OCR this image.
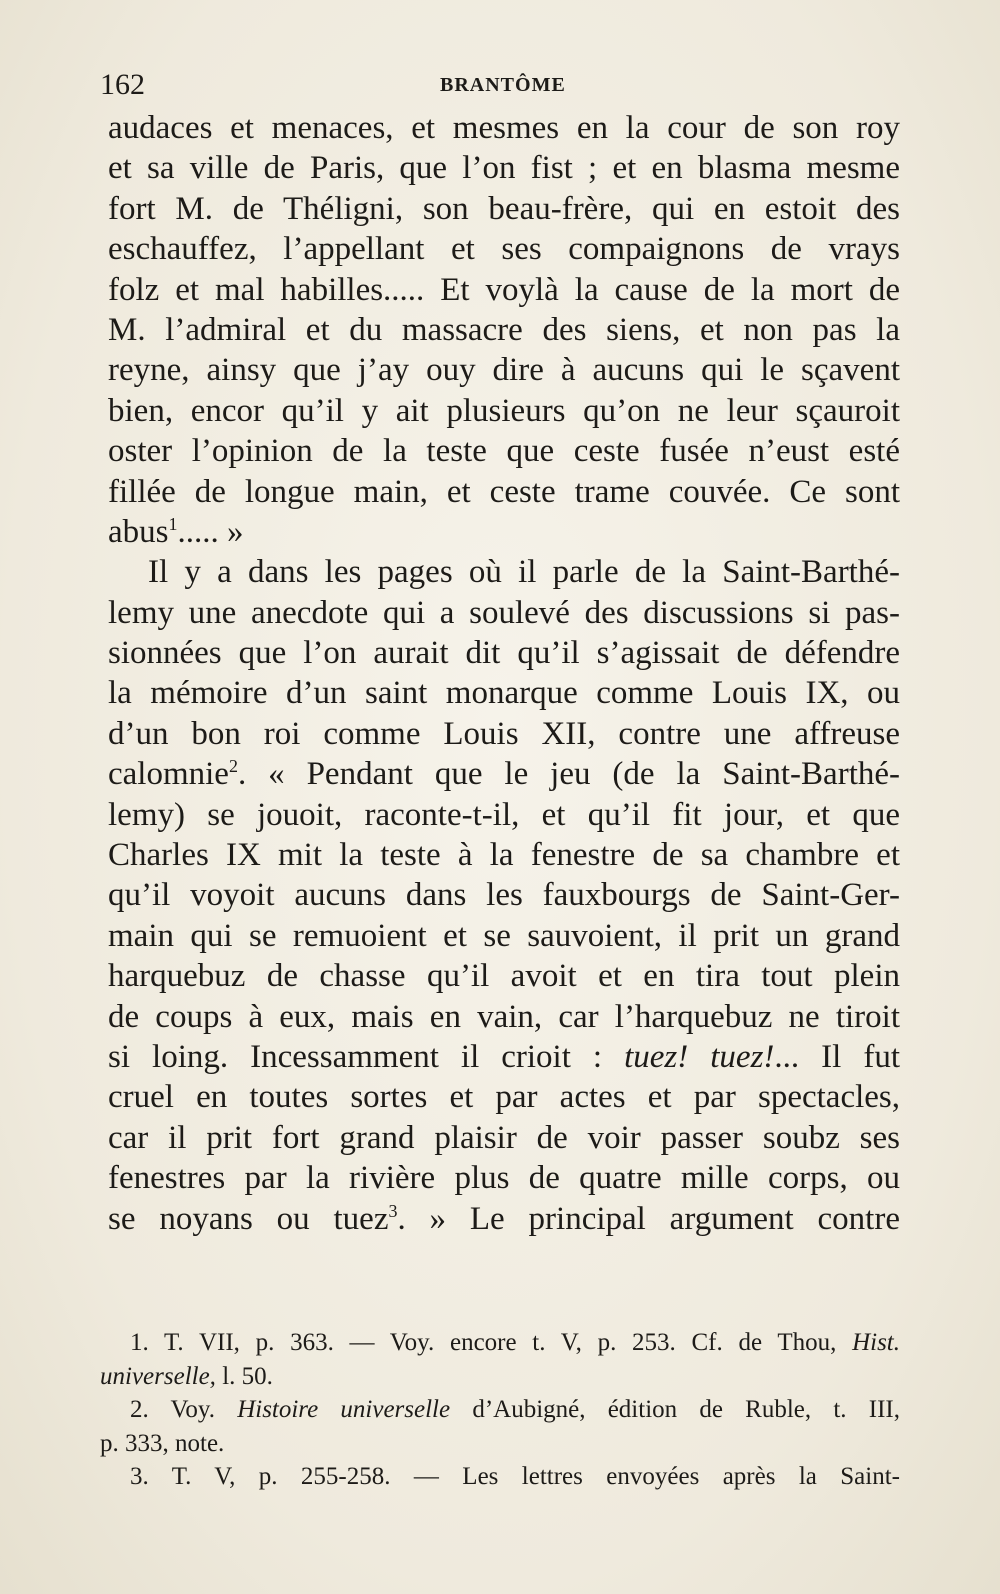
162	BRANTÔME
audaces et menaces, et mesmes en la cour de son roy
et sa ville de Paris, que l’on fist ; et en blasma mesme
fort M. de Théligni, son beau-frère, qui en estoit des
eschauffez, l’appellant et ses compaignons de vrays
folz et mal habilles..... Et voylà la cause de la mort de
M. l’admiral et du massacre des siens, et non pas la
reyne, ainsy que j’ay ouy dire à aucuns qui le sçavent
bien, encor qu’il y ait plusieurs qu’on ne leur sçauroit
oster l’opinion de la teste que ceste fusée n’eust esté
fillée de longue main, et ceste trame couvée. Ce sont
abus$^1$..... »
Il y a dans les pages où il parle de la Saint-Barthé-
lemy une anecdote qui a soulevé des discussions si pas-
sionnées que l’on aurait dit qu’il s’agissait de défendre
la mémoire d’un saint monarque comme Louis IX, ou
d’un bon roi comme Louis XII, contre une affreuse
calomnie$^2$. « Pendant que le jeu (de la Saint-Barthé-
lemy) se jouoit, raconte-t-il, et qu’il fit jour, et que
Charles IX mit la teste à la fenestre de sa chambre et
qu’il voyoit aucuns dans les fauxbourgs de Saint-Ger-
main qui se remuoient et se sauvoient, il prit un grand
harquebuz de chasse qu’il avoit et en tira tout plein
de coups à eux, mais en vain, car l’harquebuz ne tiroit
si loing. Incessamment il crioit : tuez! tuez!... Il fut
cruel en toutes sortes et par actes et par spectacles,
car il prit fort grand plaisir de voir passer soubz ses
fenestres par la rivière plus de quatre mille corps, ou
se noyans ou tuez$^3$. » Le principal argument contre
1. T. VII, p. 363. — Voy. encore t. V, p. 253. Cf. de Thou, Hist.
universelle, l. 50.
2. Voy. Histoire universelle d’Aubigné, édition de Ruble, t. III,
p. 333, note.
3. T. V, p. 255-258. — Les lettres envoyées après la Saint-
